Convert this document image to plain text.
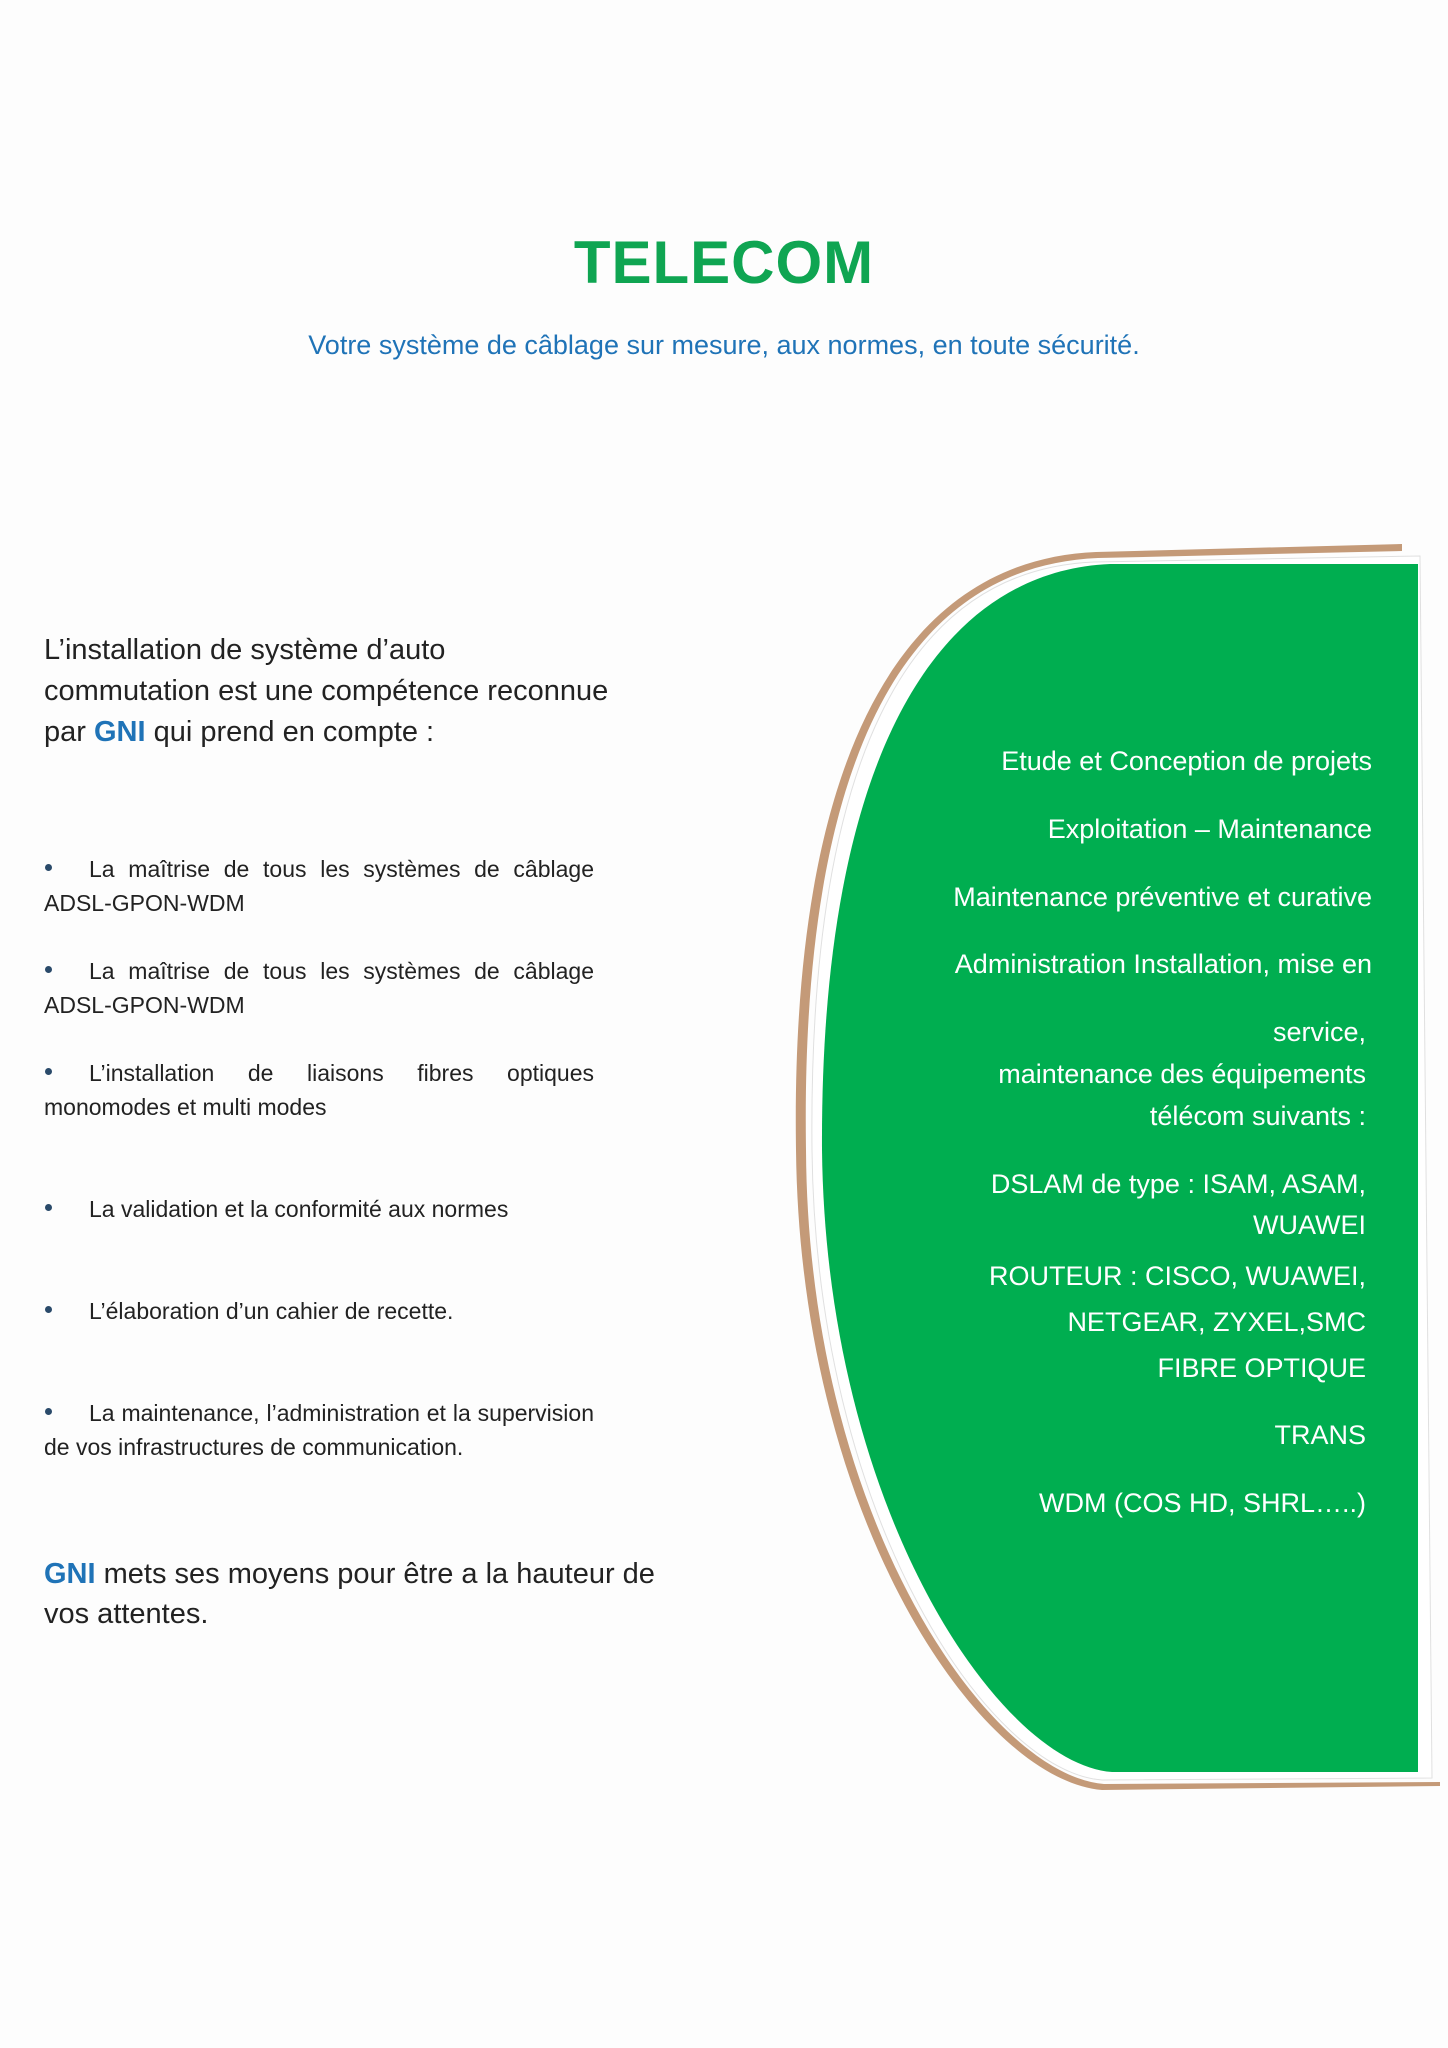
TELECOM
Votre système de câblage sur mesure, aux normes, en toute sécurité.
L’installation de système d’auto commutation est une compétence reconnue par GNI qui prend en compte :
La maîtrise de tous les systèmes de câblage ADSL-GPON-WDM
La maîtrise de tous les systèmes de câblage ADSL-GPON-WDM
L’installation de liaisons fibres optiques monomodes et multi modes
La validation et la conformité aux normes
L’élaboration d’un cahier de recette.
La maintenance, l’administration et la supervision de vos infrastructures de communication.
GNI mets ses moyens pour être a la hauteur de vos attentes.
Etude et Conception de projets
Exploitation – Maintenance
Maintenance préventive et curative
Administration Installation, mise en
service,
maintenance des équipements
télécom suivants :
DSLAM de type : ISAM, ASAM,
WUAWEI
ROUTEUR : CISCO, WUAWEI,
NETGEAR, ZYXEL,SMC
FIBRE OPTIQUE
TRANS
WDM (COS HD, SHRL…..)
